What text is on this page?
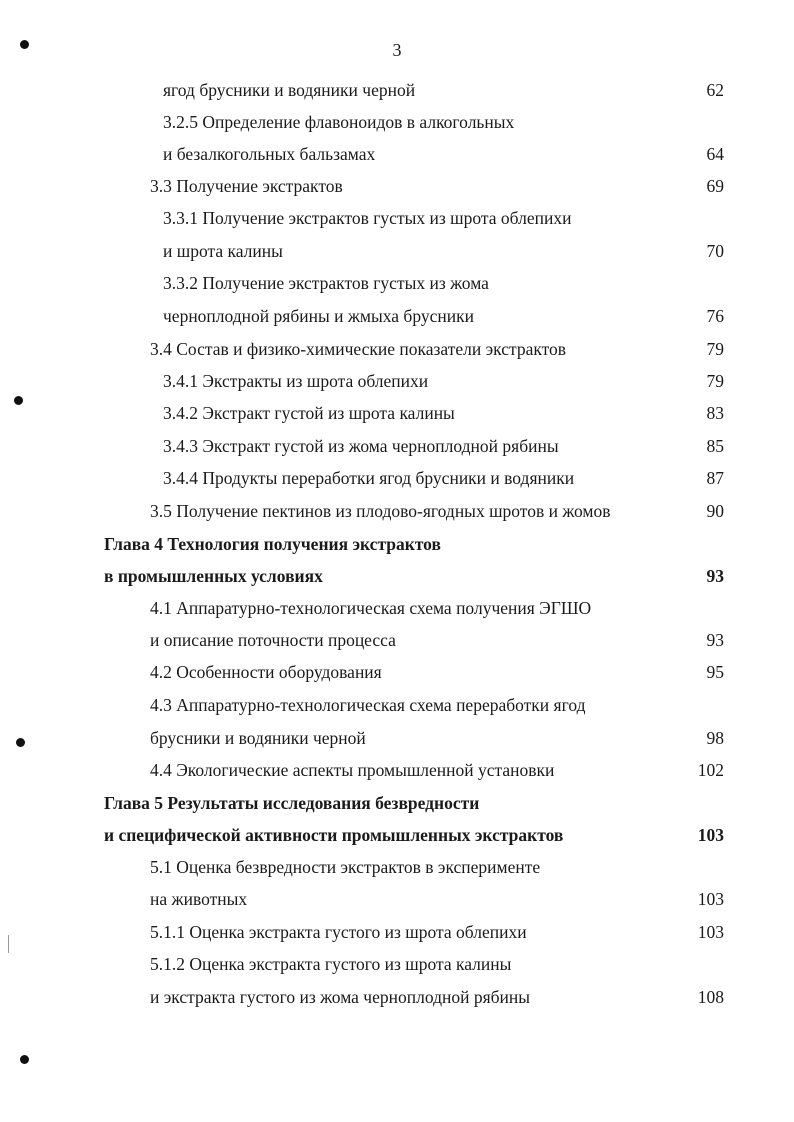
3
ягод брусники и водяники черной	62
3.2.5 Определение флавоноидов в алкогольных
и безалкогольных бальзамах	64
3.3 Получение экстрактов	69
3.3.1 Получение экстрактов густых из шрота облепихи
и шрота калины	70
3.3.2 Получение экстрактов густых из жома
черноплодной рябины и жмыха брусники	76
3.4 Состав и физико-химические показатели экстрактов	79
3.4.1 Экстракты из шрота облепихи	79
3.4.2 Экстракт густой из шрота калины	83
3.4.3 Экстракт густой из жома черноплодной рябины	85
3.4.4 Продукты переработки ягод брусники и водяники	87
3.5 Получение пектинов из плодово-ягодных шротов и жомов	90
Глава 4 Технология получения экстрактов
в промышленных условиях	93
4.1 Аппаратурно-технологическая схема получения ЭГШО
и описание поточности процесса	93
4.2 Особенности оборудования	95
4.3 Аппаратурно-технологическая схема переработки ягод
брусники и водяники черной	98
4.4 Экологические аспекты промышленной установки	102
Глава 5 Результаты исследования безвредности
и специфической активности промышленных экстрактов	103
5.1 Оценка безвредности экстрактов в эксперименте
на животных	103
5.1.1 Оценка экстракта густого из шрота облепихи	103
5.1.2 Оценка экстракта густого из шрота калины
и экстракта густого из жома черноплодной рябины	108
